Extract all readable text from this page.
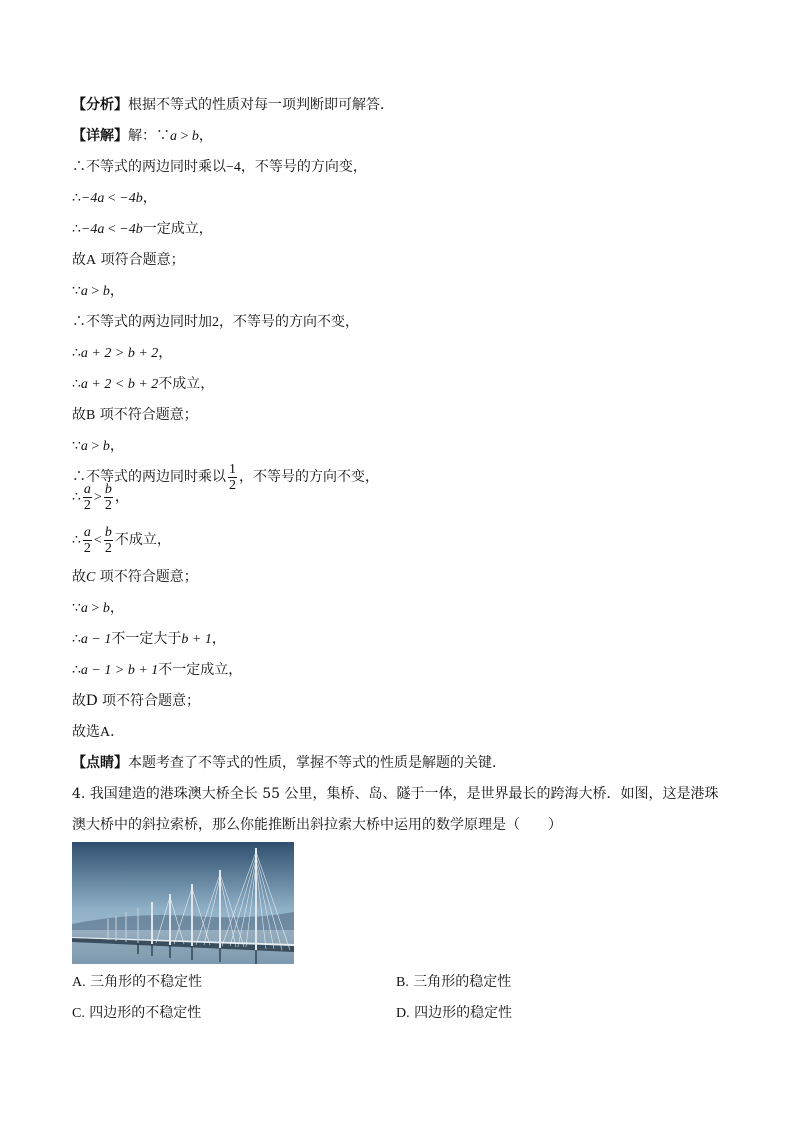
【分析】根据不等式的性质对每一项判断即可解答．
【详解】解：∵a > b，
∴不等式的两边同时乘以−4，不等号的方向变，
∴−4a < −4b，
∴−4a < −4b一定成立，
故A 项符合题意；
∵a > b，
∴不等式的两边同时加2，不等号的方向不变，
∴a + 2 > b + 2，
∴a + 2 < b + 2不成立，
故B 项不符合题意；
∵a > b，
∴不等式的两边同时乘以 $\frac{1}{2}$ ，不等号的方向不变，
∴ $\frac{a}{2} > \frac{b}{2}$ ，
∴ $\frac{a}{2} < \frac{b}{2}$ 不成立，
故C 项不符合题意；
∵a > b，
∴a − 1不一定大于b + 1，
∴a − 1 > b + 1不一定成立，
故D 项不符合题意；
故选A．
【点睛】本题考查了不等式的性质，掌握不等式的性质是解题的关键．
4. 我国建造的港珠澳大桥全长 55 公里，集桥、岛、隧于一体，是世界最长的跨海大桥．如图，这是港珠
澳大桥中的斜拉索桥，那么你能推断出斜拉索大桥中运用的数学原理是（　　）
A. 三角形的不稳定性	B. 三角形的稳定性
C. 四边形的不稳定性	D. 四边形的稳定性
